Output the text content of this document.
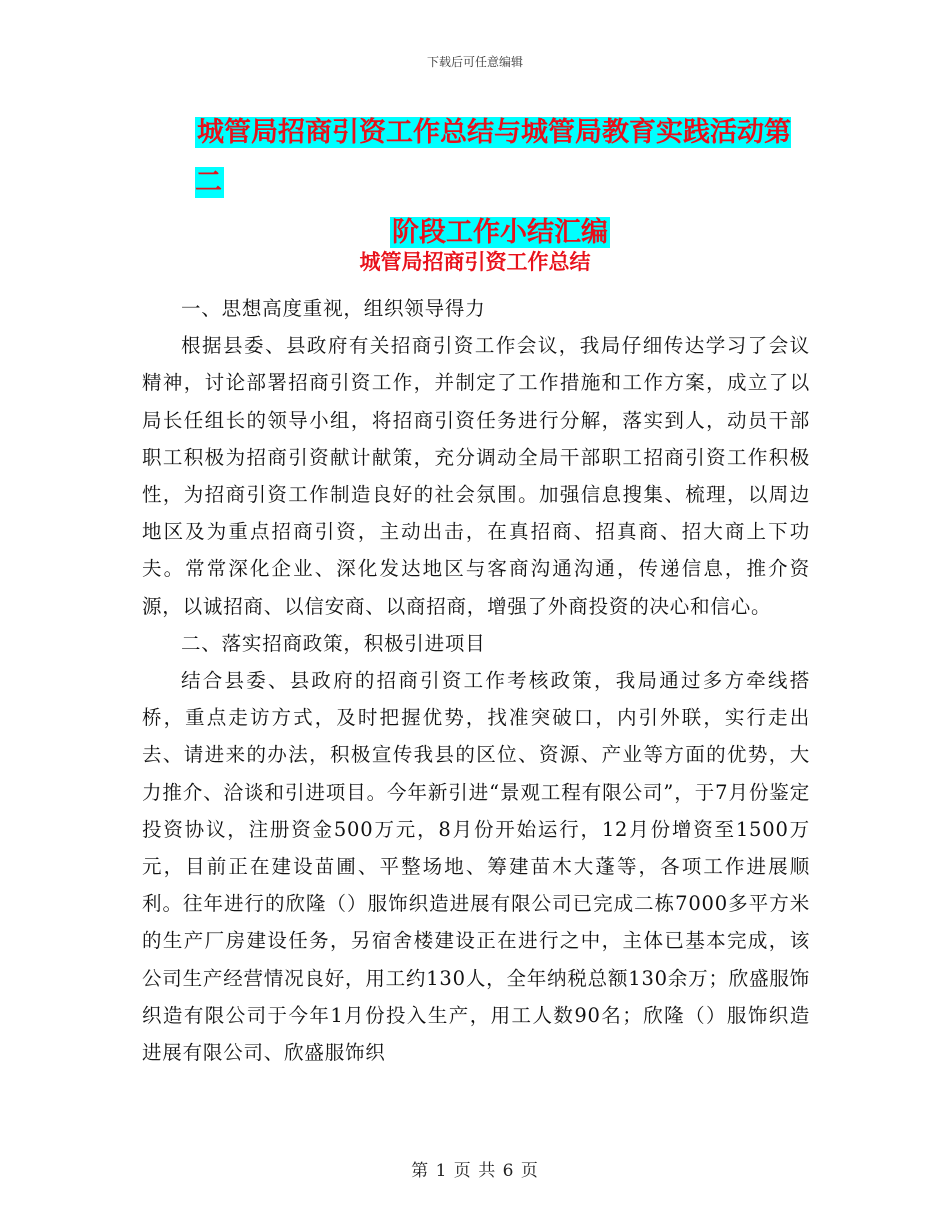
下载后可任意编辑
城管局招商引资工作总结与城管局教育实践活动第二
阶段工作小结汇编
城管局招商引资工作总结

一、思想高度重视，组织领导得力

根据县委、县政府有关招商引资工作会议，我局仔细传达学习了会议精神，讨论部署招商引资工作，并制定了工作措施和工作方案，成立了以局长任组长的领导小组，将招商引资任务进行分解，落实到人，动员干部职工积极为招商引资献计献策，充分调动全局干部职工招商引资工作积极性，为招商引资工作制造良好的社会氛围。加强信息搜集、梳理，以周边地区及为重点招商引资，主动出击，在真招商、招真商、招大商上下功夫。常常深化企业、深化发达地区与客商沟通沟通，传递信息，推介资源，以诚招商、以信安商、以商招商，增强了外商投资的决心和信心。

二、落实招商政策，积极引进项目

结合县委、县政府的招商引资工作考核政策，我局通过多方牵线搭桥，重点走访方式，及时把握优势，找准突破口，内引外联，实行走出去、请进来的办法，积极宣传我县的区位、资源、产业等方面的优势，大力推介、洽谈和引进项目。今年新引进“景观工程有限公司”，于7月份鉴定投资协议，注册资金500万元，8月份开始运行，12月份增资至1500万元，目前正在建设苗圃、平整场地、筹建苗木大蓬等，各项工作进展顺利。往年进行的欣隆（）服饰织造进展有限公司已完成二栋7000多平方米的生产厂房建设任务，另宿舍楼建设正在进行之中，主体已基本完成，该公司生产经营情况良好，用工约130人，全年纳税总额130余万；欣盛服饰织造有限公司于今年1月份投入生产，用工人数90名；欣隆（）服饰织造进展有限公司、欣盛服饰织

第 1 页 共 6 页
